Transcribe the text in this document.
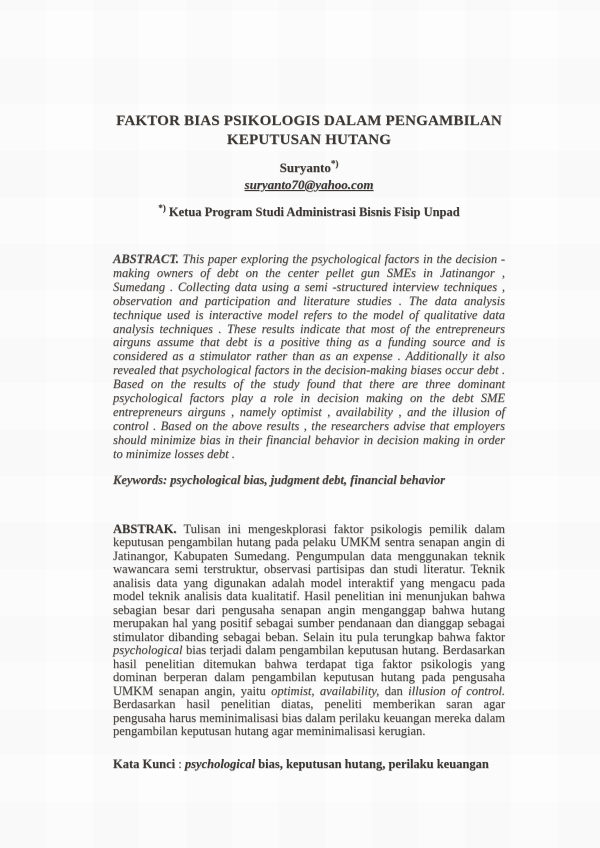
FAKTOR BIAS PSIKOLOGIS DALAM PENGAMBILAN
KEPUTUSAN HUTANG
Suryanto*)
suryanto70@yahoo.com
*) Ketua Program Studi Administrasi Bisnis Fisip Unpad

ABSTRACT. This paper exploring the psychological factors in the decision - making owners of debt on the center pellet gun SMEs in Jatinangor , Sumedang . Collecting data using a semi -structured interview techniques , observation and participation and literature studies . The data analysis technique used is interactive model refers to the model of qualitative data analysis techniques . These results indicate that most of the entrepreneurs airguns assume that debt is a positive thing as a funding source and is considered as a stimulator rather than as an expense . Additionally it also revealed that psychological factors in the decision-making biases occur debt . Based on the results of the study found that there are three dominant psychological factors play a role in decision making on the debt SME entrepreneurs airguns , namely optimist , availability , and the illusion of control . Based on the above results , the researchers advise that employers should minimize bias in their financial behavior in decision making in order to minimize losses debt .

Keywords: psychological bias, judgment debt, financial behavior

ABSTRAK. Tulisan ini mengeskplorasi faktor psikologis pemilik dalam keputusan pengambilan hutang pada pelaku UMKM sentra senapan angin di Jatinangor, Kabupaten Sumedang. Pengumpulan data menggunakan teknik wawancara semi terstruktur, observasi partisipas dan studi literatur. Teknik analisis data yang digunakan adalah model interaktif yang mengacu pada model teknik analisis data kualitatif. Hasil penelitian ini menunjukan bahwa sebagian besar dari pengusaha senapan angin menganggap bahwa hutang merupakan hal yang positif sebagai sumber pendanaan dan dianggap sebagai stimulator dibanding sebagai beban. Selain itu pula terungkap bahwa faktor psychological bias terjadi dalam pengambilan keputusan hutang. Berdasarkan hasil penelitian ditemukan bahwa terdapat tiga faktor psikologis yang dominan berperan dalam pengambilan keputusan hutang pada pengusaha UMKM senapan angin, yaitu optimist, availability, dan illusion of control. Berdasarkan hasil penelitian diatas, peneliti memberikan saran agar pengusaha harus meminimalisasi bias dalam perilaku keuangan mereka dalam pengambilan keputusan hutang agar meminimalisasi kerugian.

Kata Kunci : psychological bias, keputusan hutang, perilaku keuangan
